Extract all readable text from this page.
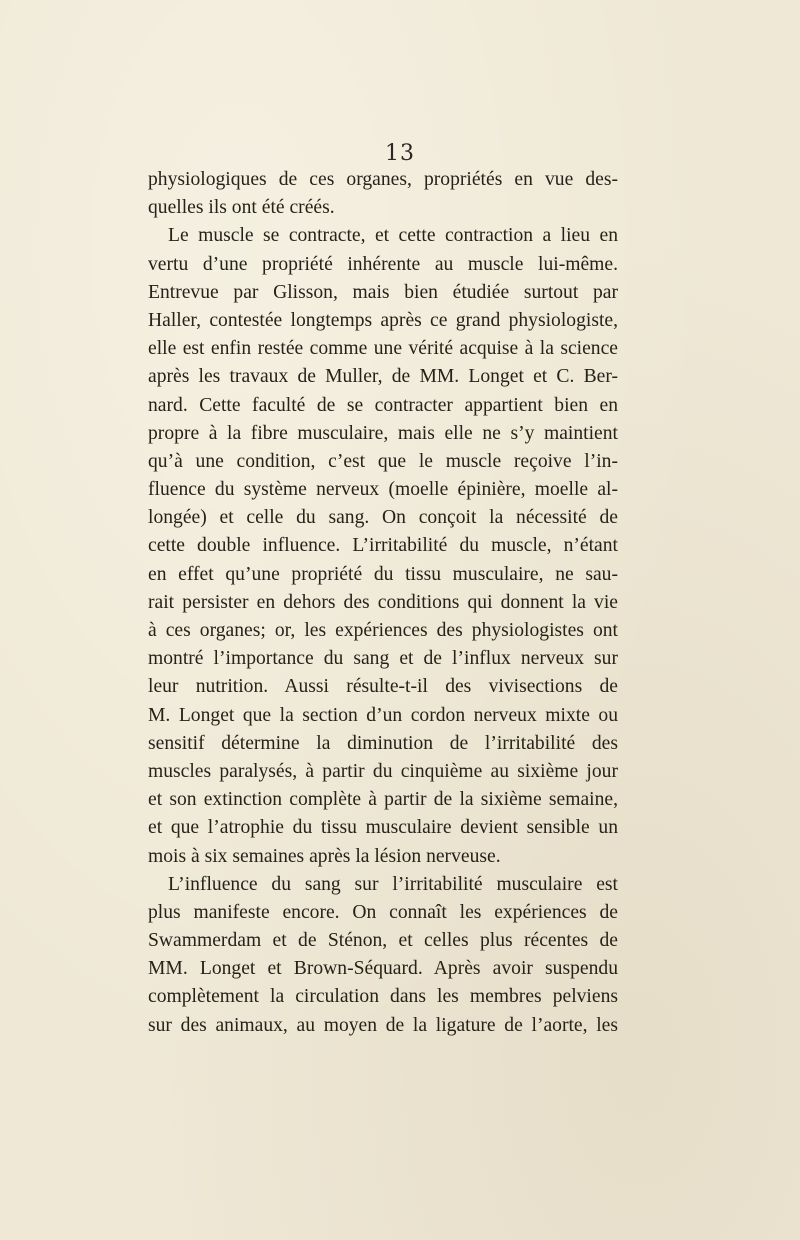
13
physiologiques de ces organes, propriétés en vue des-
quelles ils ont été créés.
Le muscle se contracte, et cette contraction a lieu en
vertu d’une propriété inhérente au muscle lui-même.
Entrevue par Glisson, mais bien étudiée surtout par
Haller, contestée longtemps après ce grand physiologiste,
elle est enfin restée comme une vérité acquise à la science
après les travaux de Muller, de MM. Longet et C. Ber-
nard. Cette faculté de se contracter appartient bien en
propre à la fibre musculaire, mais elle ne s’y maintient
qu’à une condition, c’est que le muscle reçoive l’in-
fluence du système nerveux (moelle épinière, moelle al-
longée) et celle du sang. On conçoit la nécessité de
cette double influence. L’irritabilité du muscle, n’étant
en effet qu’une propriété du tissu musculaire, ne sau-
rait persister en dehors des conditions qui donnent la vie
à ces organes; or, les expériences des physiologistes ont
montré l’importance du sang et de l’influx nerveux sur
leur nutrition. Aussi résulte-t-il des vivisections de
M. Longet que la section d’un cordon nerveux mixte ou
sensitif détermine la diminution de l’irritabilité des
muscles paralysés, à partir du cinquième au sixième jour
et son extinction complète à partir de la sixième semaine,
et que l’atrophie du tissu musculaire devient sensible un
mois à six semaines après la lésion nerveuse.
L’influence du sang sur l’irritabilité musculaire est
plus manifeste encore. On connaît les expériences de
Swammerdam et de Sténon, et celles plus récentes de
MM. Longet et Brown-Séquard. Après avoir suspendu
complètement la circulation dans les membres pelviens
sur des animaux, au moyen de la ligature de l’aorte, les
